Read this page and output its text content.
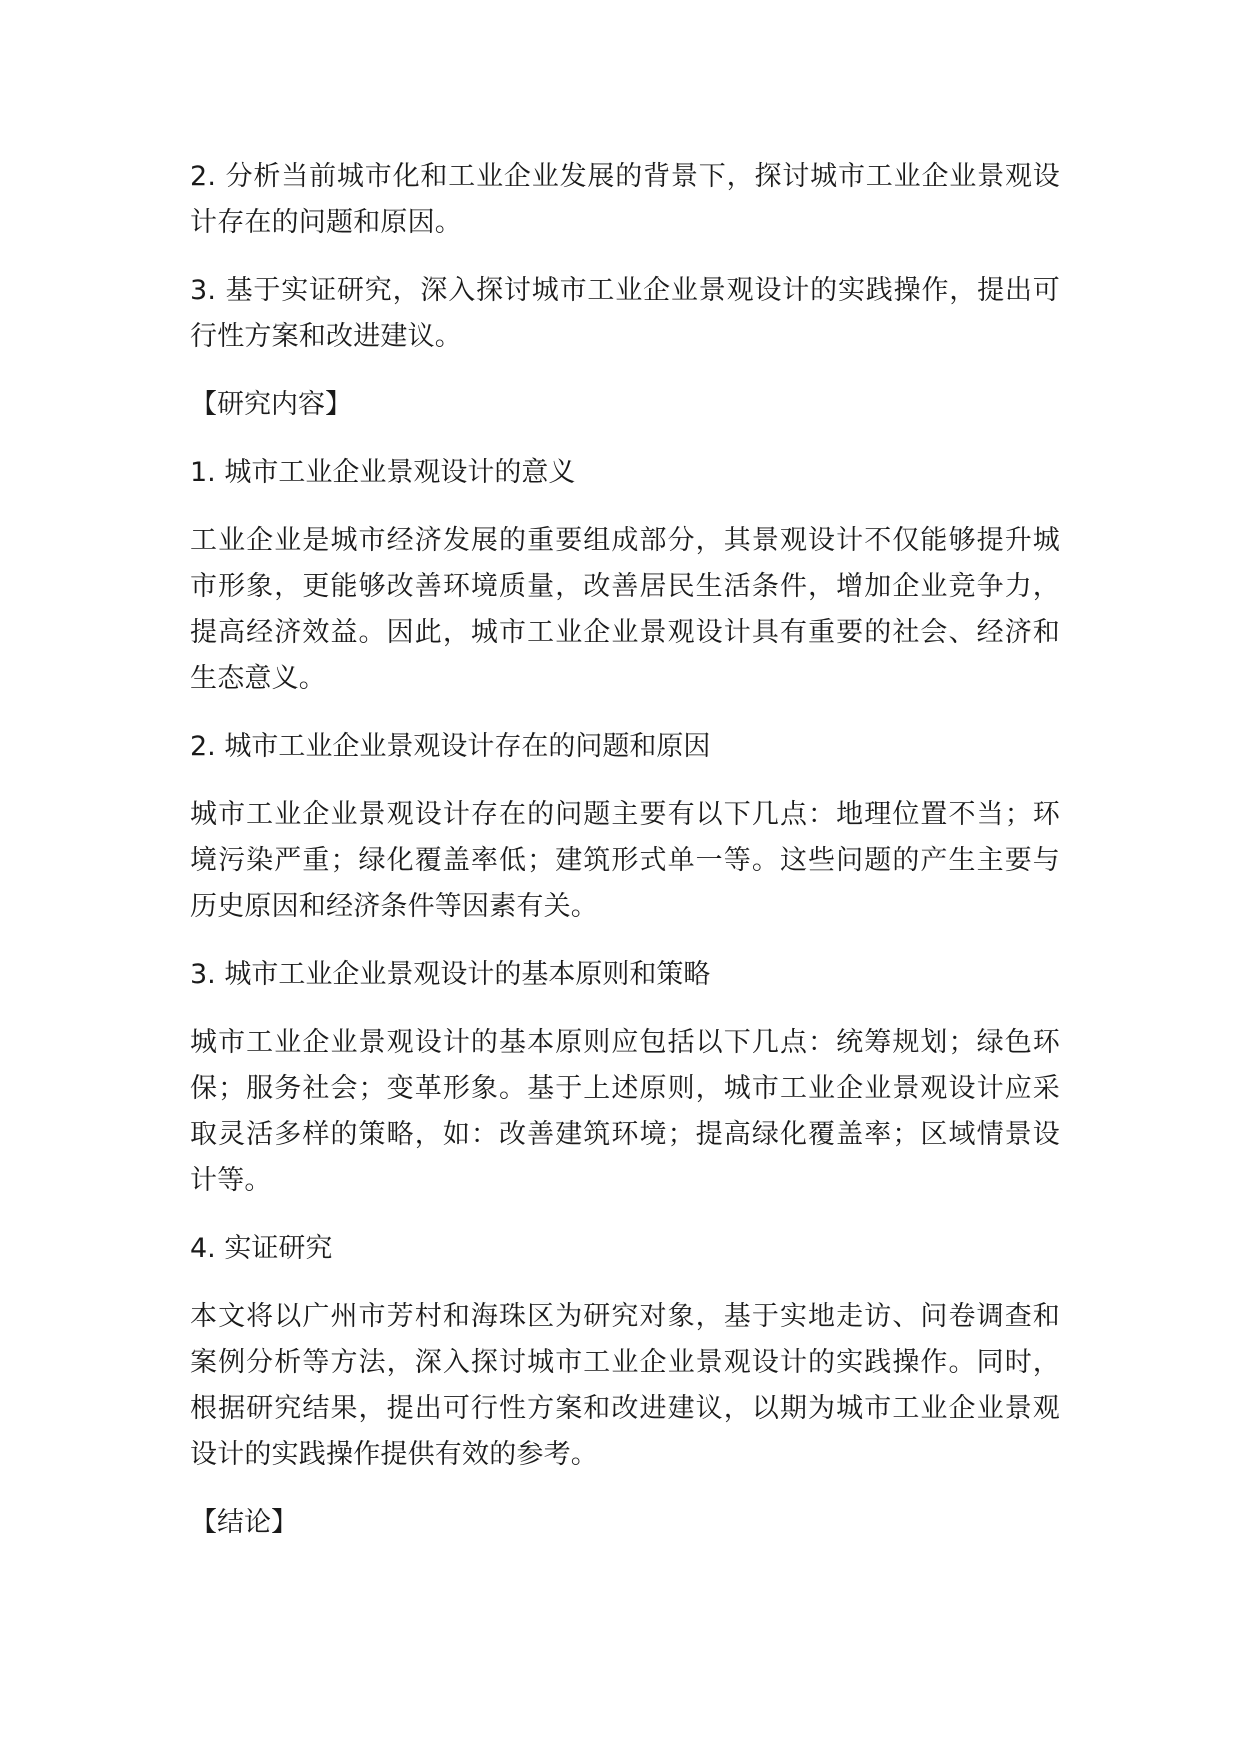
2. 分析当前城市化和工业企业发展的背景下，探讨城市工业企业景观设计存在的问题和原因。

3. 基于实证研究，深入探讨城市工业企业景观设计的实践操作，提出可行性方案和改进建议。

【研究内容】

1. 城市工业企业景观设计的意义

工业企业是城市经济发展的重要组成部分，其景观设计不仅能够提升城市形象，更能够改善环境质量，改善居民生活条件，增加企业竞争力，提高经济效益。因此，城市工业企业景观设计具有重要的社会、经济和生态意义。

2. 城市工业企业景观设计存在的问题和原因

城市工业企业景观设计存在的问题主要有以下几点：地理位置不当；环境污染严重；绿化覆盖率低；建筑形式单一等。这些问题的产生主要与历史原因和经济条件等因素有关。

3. 城市工业企业景观设计的基本原则和策略

城市工业企业景观设计的基本原则应包括以下几点：统筹规划；绿色环保；服务社会；变革形象。基于上述原则，城市工业企业景观设计应采取灵活多样的策略，如：改善建筑环境；提高绿化覆盖率；区域情景设计等。

4. 实证研究

本文将以广州市芳村和海珠区为研究对象，基于实地走访、问卷调查和案例分析等方法，深入探讨城市工业企业景观设计的实践操作。同时，根据研究结果，提出可行性方案和改进建议，以期为城市工业企业景观设计的实践操作提供有效的参考。

【结论】
